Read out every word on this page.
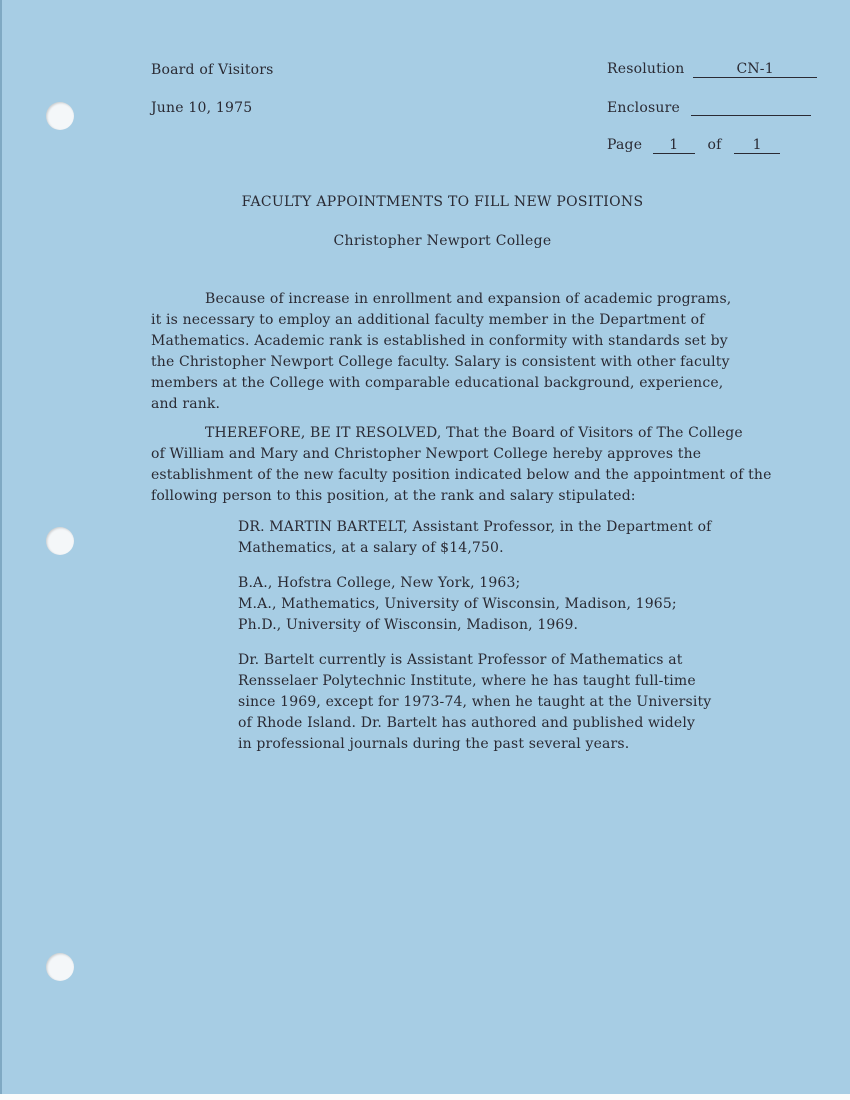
Board of Visitors
June 10, 1975
Resolution	CN-1
Enclosure
Page 1 of 1
FACULTY APPOINTMENTS TO FILL NEW POSITIONS
Christopher Newport College
Because of increase in enrollment and expansion of academic programs,
it is necessary to employ an additional faculty member in the Department of
Mathematics. Academic rank is established in conformity with standards set by
the Christopher Newport College faculty. Salary is consistent with other faculty
members at the College with comparable educational background, experience,
and rank.
THEREFORE, BE IT RESOLVED, That the Board of Visitors of The College
of William and Mary and Christopher Newport College hereby approves the
establishment of the new faculty position indicated below and the appointment of the
following person to this position, at the rank and salary stipulated:
DR. MARTIN BARTELT, Assistant Professor, in the Department of
Mathematics, at a salary of $14,750.
B.A., Hofstra College, New York, 1963;
M.A., Mathematics, University of Wisconsin, Madison, 1965;
Ph.D., University of Wisconsin, Madison, 1969.
Dr. Bartelt currently is Assistant Professor of Mathematics at
Rensselaer Polytechnic Institute, where he has taught full-time
since 1969, except for 1973-74, when he taught at the University
of Rhode Island. Dr. Bartelt has authored and published widely
in professional journals during the past several years.
